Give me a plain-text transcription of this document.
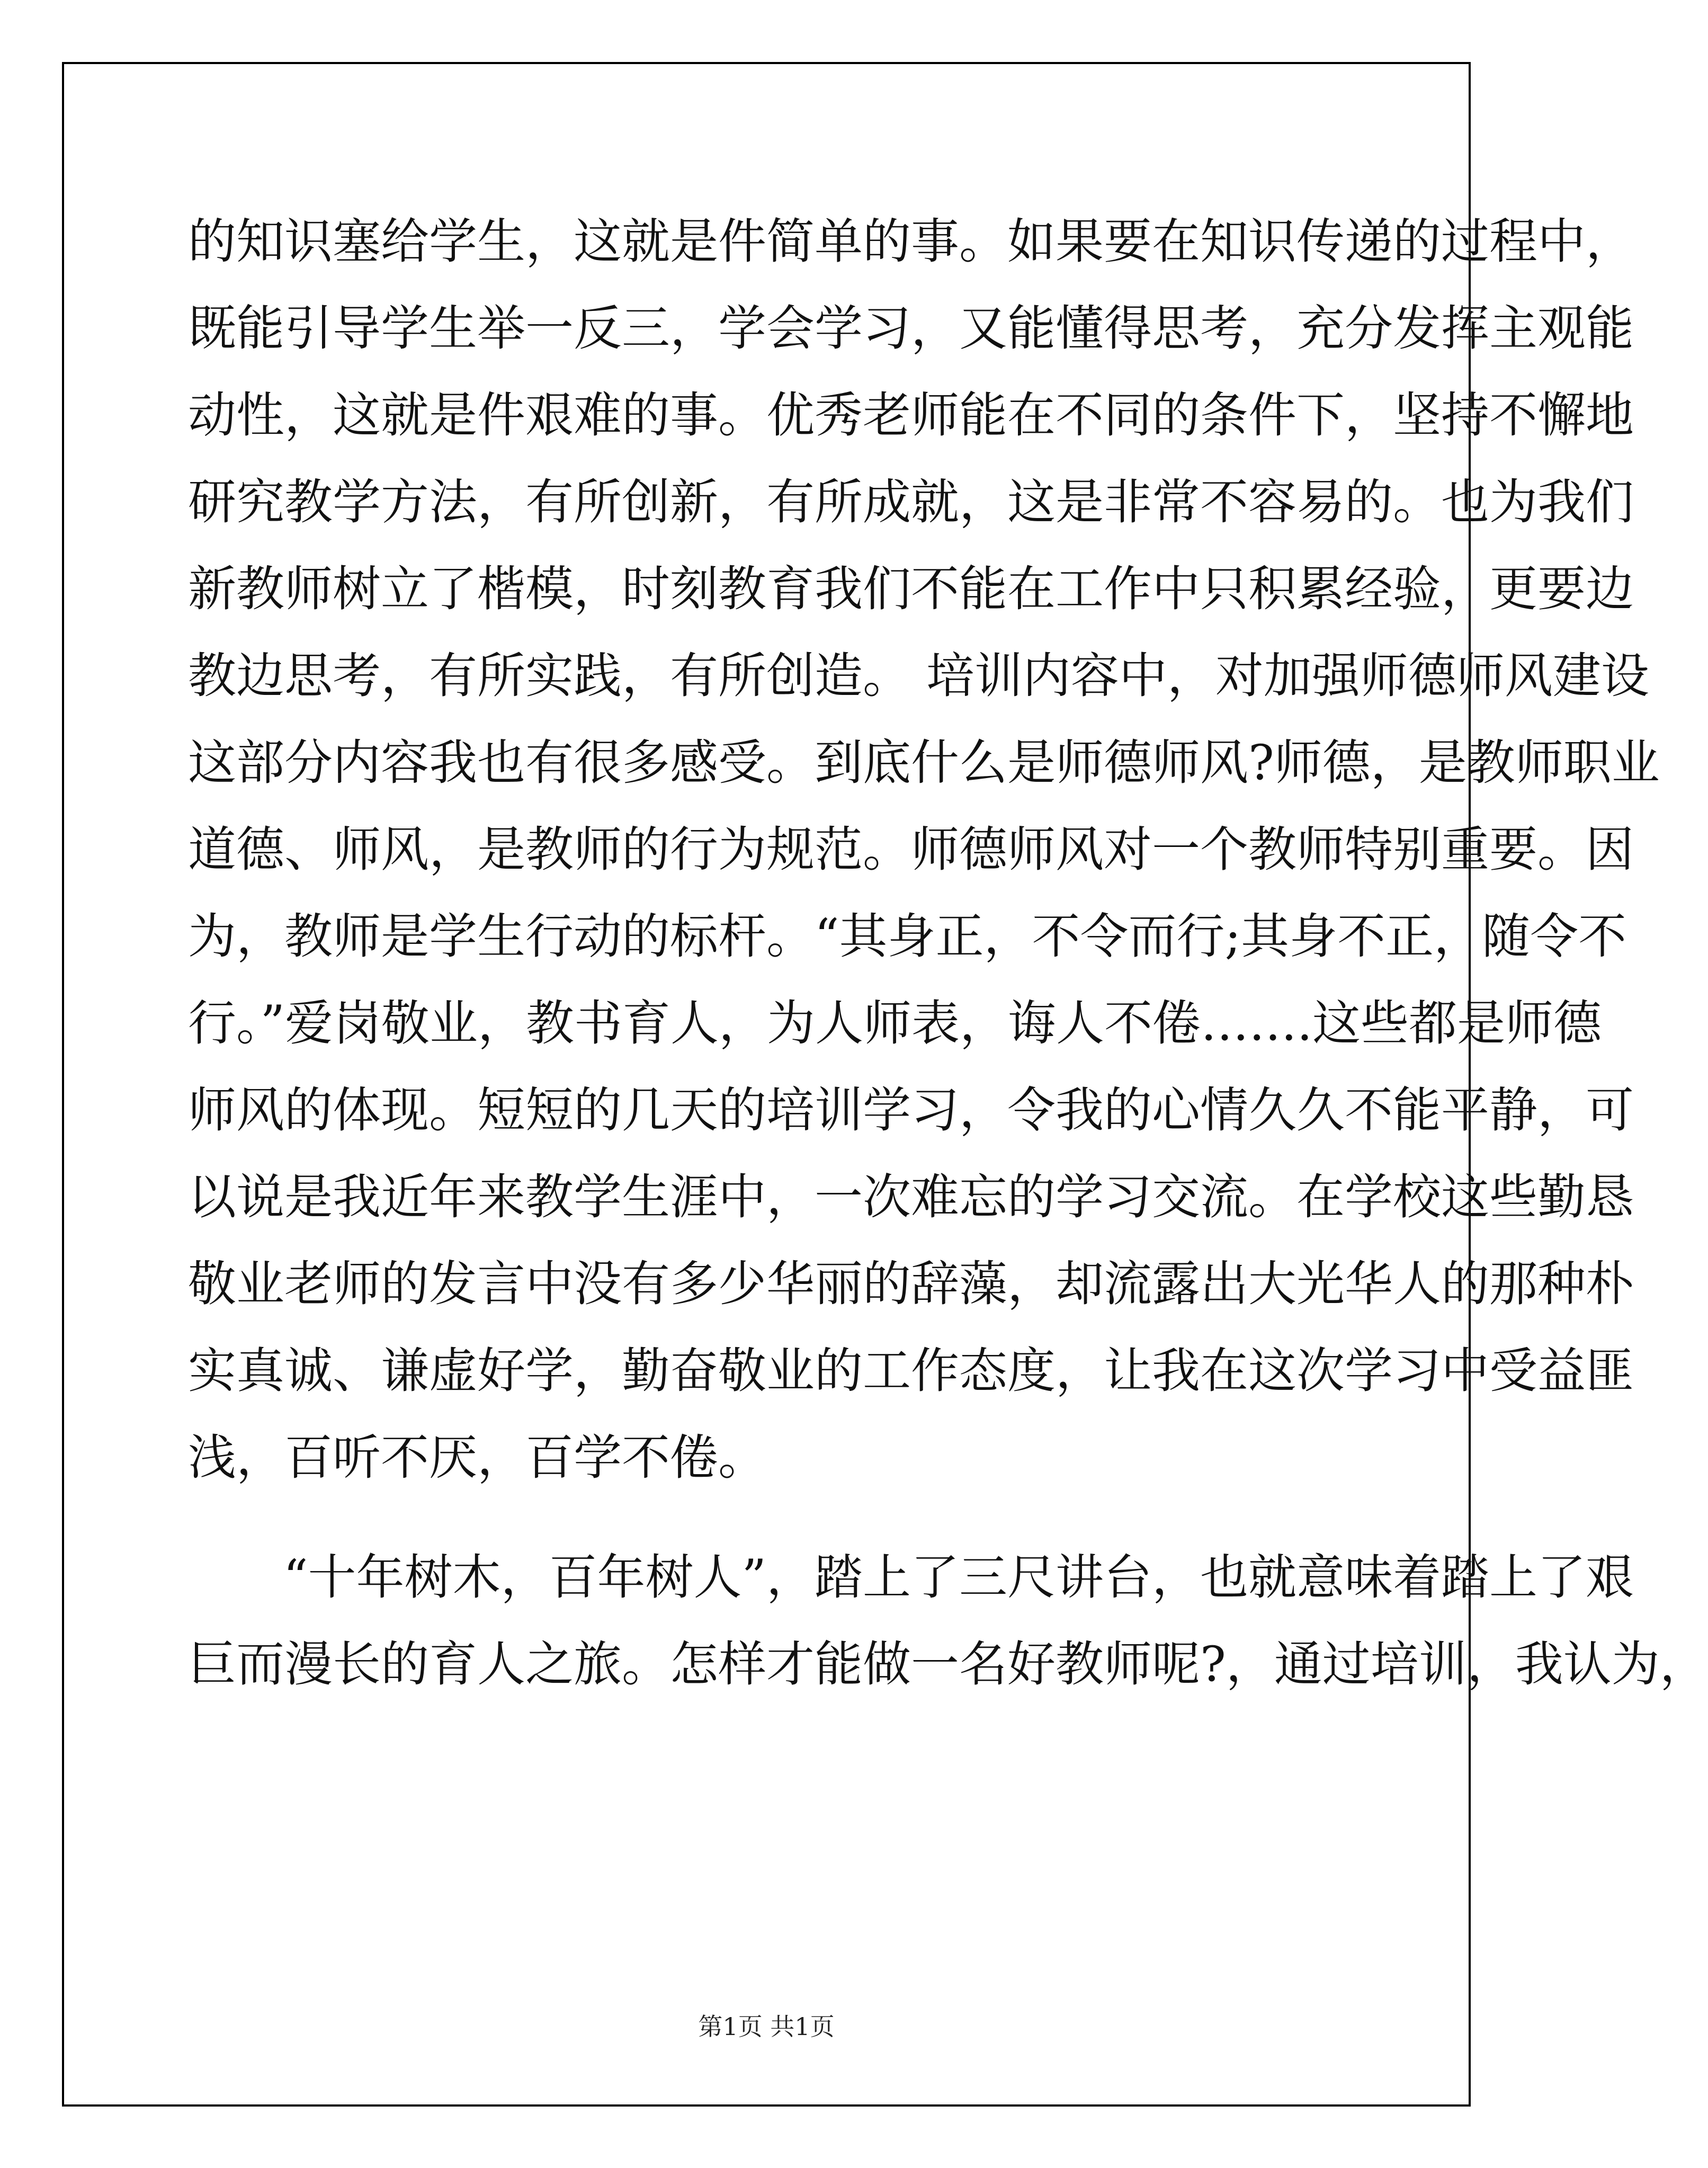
的知识塞给学生，这就是件简单的事。如果要在知识传递的过程中，
既能引导学生举一反三，学会学习，又能懂得思考，充分发挥主观能
动性，这就是件艰难的事。优秀老师能在不同的条件下，坚持不懈地
研究教学方法，有所创新，有所成就，这是非常不容易的。也为我们
新教师树立了楷模，时刻教育我们不能在工作中只积累经验，更要边
教边思考，有所实践，有所创造。 培训内容中，对加强师德师风建设
这部分内容我也有很多感受。到底什么是师德师风?师德，是教师职业
道德、师风，是教师的行为规范。师德师风对一个教师特别重要。因
为，教师是学生行动的标杆。“其身正，不令而行;其身不正，随令不
行。”爱岗敬业，教书育人，为人师表，诲人不倦…….这些都是师德
师风的体现。短短的几天的培训学习，令我的心情久久不能平静，可
以说是我近年来教学生涯中，一次难忘的学习交流。在学校这些勤恳
敬业老师的发言中没有多少华丽的辞藻，却流露出大光华人的那种朴
实真诚、谦虚好学，勤奋敬业的工作态度，让我在这次学习中受益匪
浅，百听不厌，百学不倦。
“十年树木，百年树人”，踏上了三尺讲台，也就意味着踏上了艰
巨而漫长的育人之旅。怎样才能做一名好教师呢?，通过培训，我认为，
第1页 共1页
